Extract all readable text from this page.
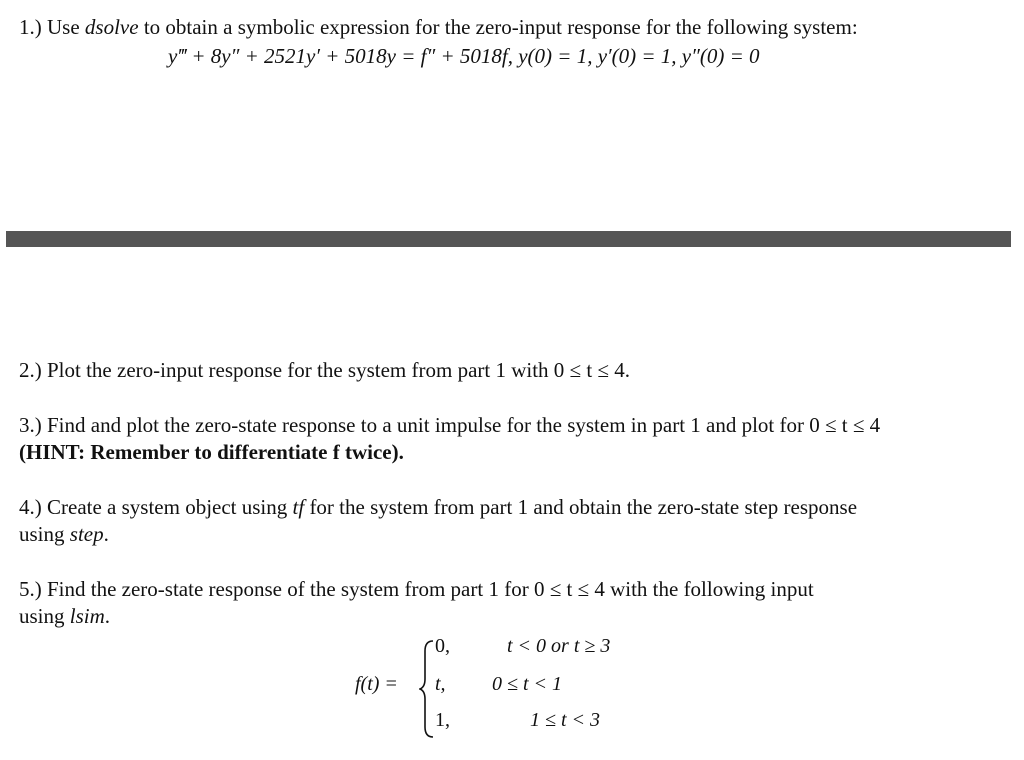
1.) Use dsolve to obtain a symbolic expression for the zero-input response for the following system:

y‴ + 8y″ + 2521y′ + 5018y = f″ + 5018f, y(0) = 1, y′(0) = 1, y″(0) = 0

2.) Plot the zero-input response for the system from part 1 with 0 ≤ t ≤ 4.

3.) Find and plot the zero-state response to a unit impulse for the system in part 1 and plot for 0 ≤ t ≤ 4
(HINT: Remember to differentiate f twice).

4.) Create a system object using tf for the system from part 1 and obtain the zero-state step response
using step.

5.) Find the zero-state response of the system from part 1 for 0 ≤ t ≤ 4 with the following input
using lsim.

f(t) =
0,	t < 0 or t ≥ 3
t, 0 ≤ t < 1
1,	1 ≤ t < 3
